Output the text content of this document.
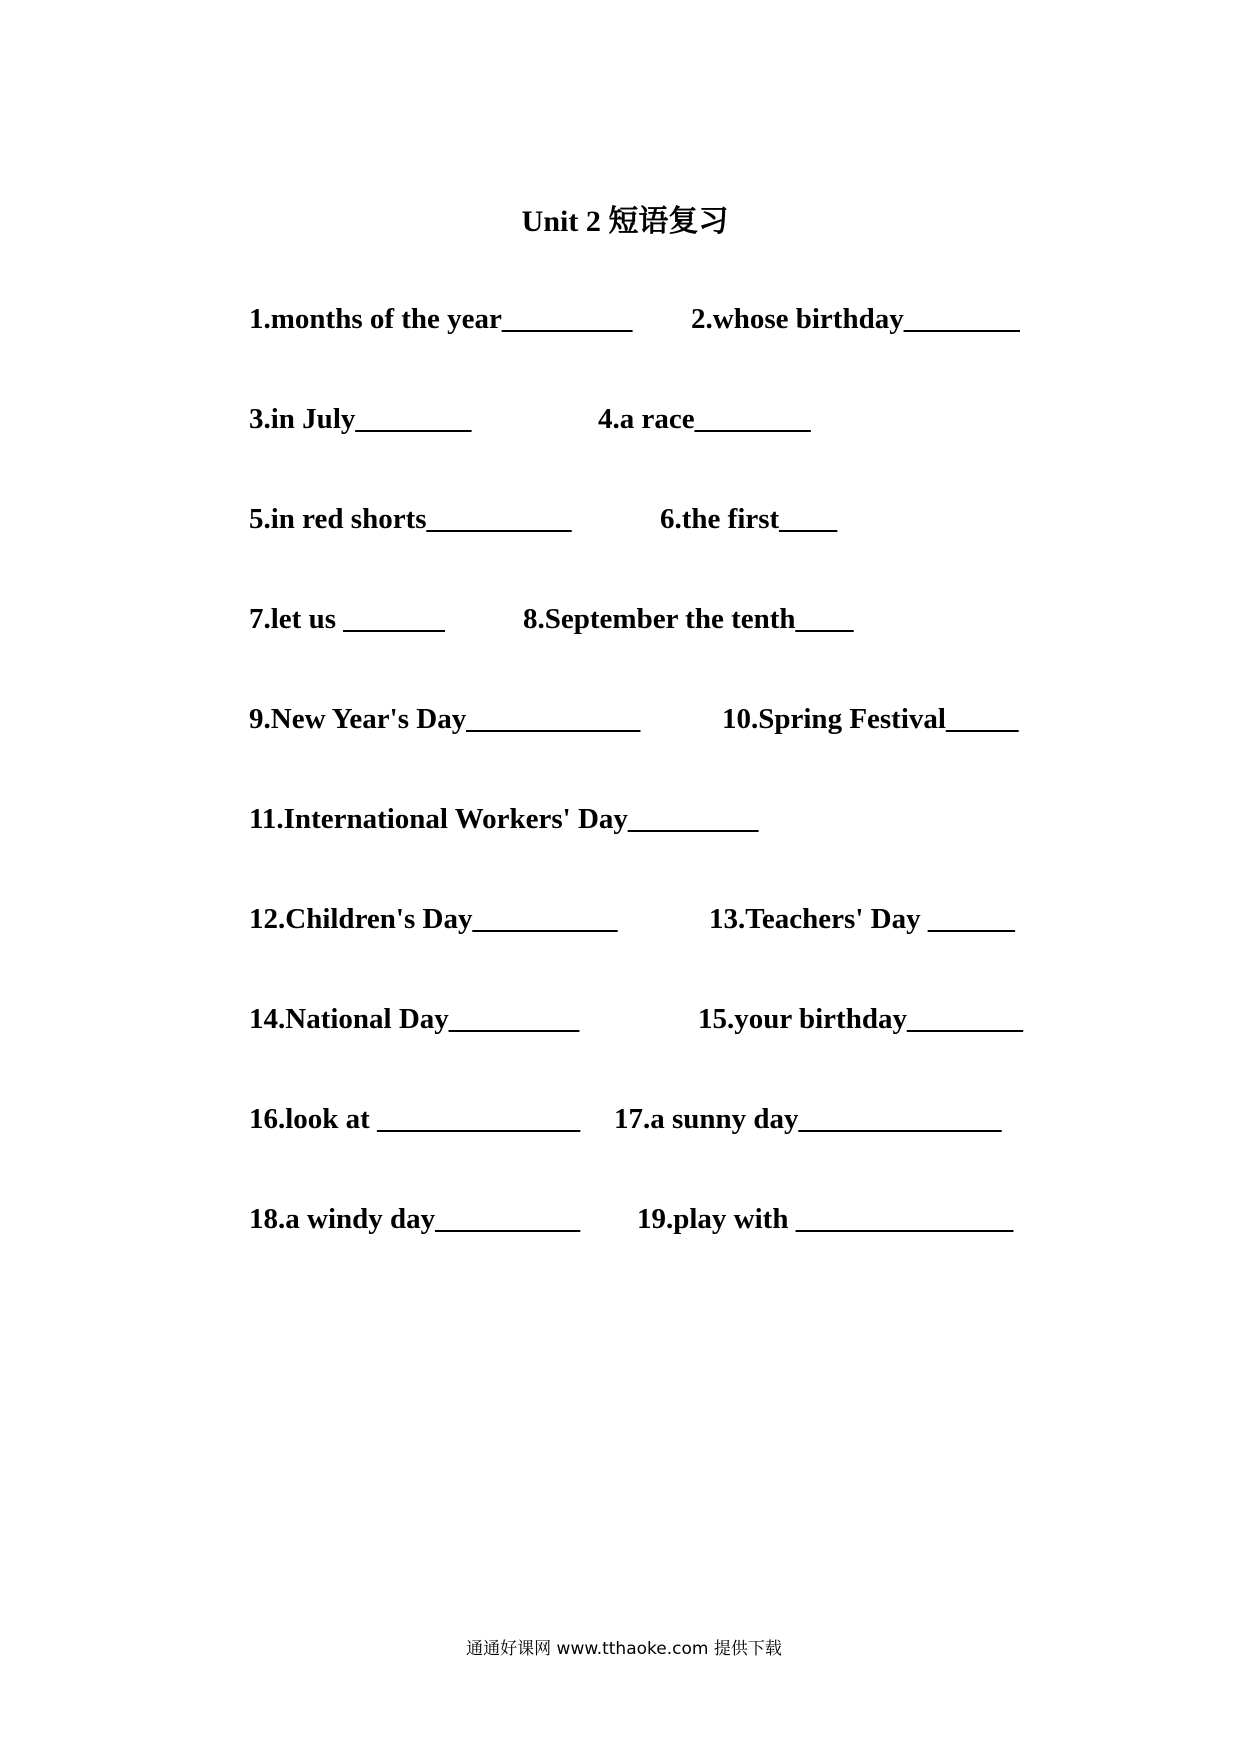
Unit 2 短语复习
1.months of the year_________ 2.whose birthday________
3.in July________	4.a race________
5.in red shorts__________	6.the first____
7.let us _______	8.September the tenth____
9.New Year's Day____________	10.Spring Festival_____
11.International Workers' Day_________
12.Children's Day__________	13.Teachers' Day ______
14.National Day_________	15.your birthday________
16.look at ______________ 17.a sunny day______________
18.a windy day__________ 19.play with _______________
通通好课网 www.tthaoke.com 提供下载
